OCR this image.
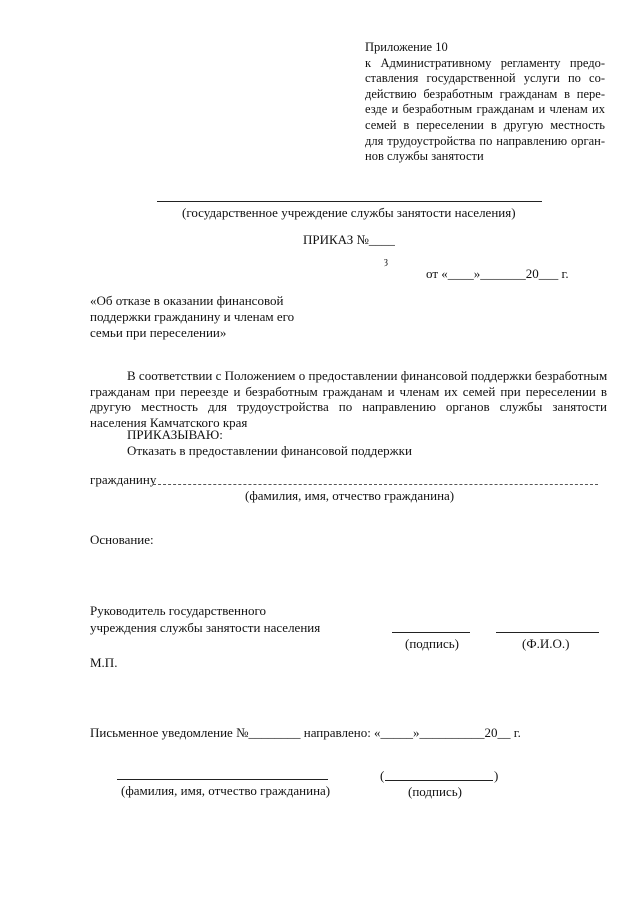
Приложение 10
к Административному регламенту предо-
ставления государственной услуги по со-
действию безработным гражданам в пере-
езде и безработным гражданам и членам их
семей в переселении в другую местность
для трудоустройства по направлению орган-
нов службы занятости
(государственное учреждение службы занятости населения)
ПРИКАЗ №____
ȝ
от «____»_______20___ г.
«Об отказе в оказании финансовой
поддержки гражданину и членам его
семьи при переселении»
В соответствии с Положением о предоставлении финансовой поддержки безработным
гражданам при переезде и безработным гражданам и членам их семей при переселении в
другую местность для трудоустройства по направлению органов службы занятости
населения Камчатского края
ПРИКАЗЫВАЮ:
Отказать в предоставлении финансовой поддержки
гражданину
(фамилия, имя, отчество гражданина)
Основание:
Руководитель государственного
учреждения службы занятости населения
(подпись)	(Ф.И.О.)
М.П.
Письменное уведомление №________ направлено: «_____»__________20__ г.
(фамилия, имя, отчество гражданина)
(	)
(подпись)
